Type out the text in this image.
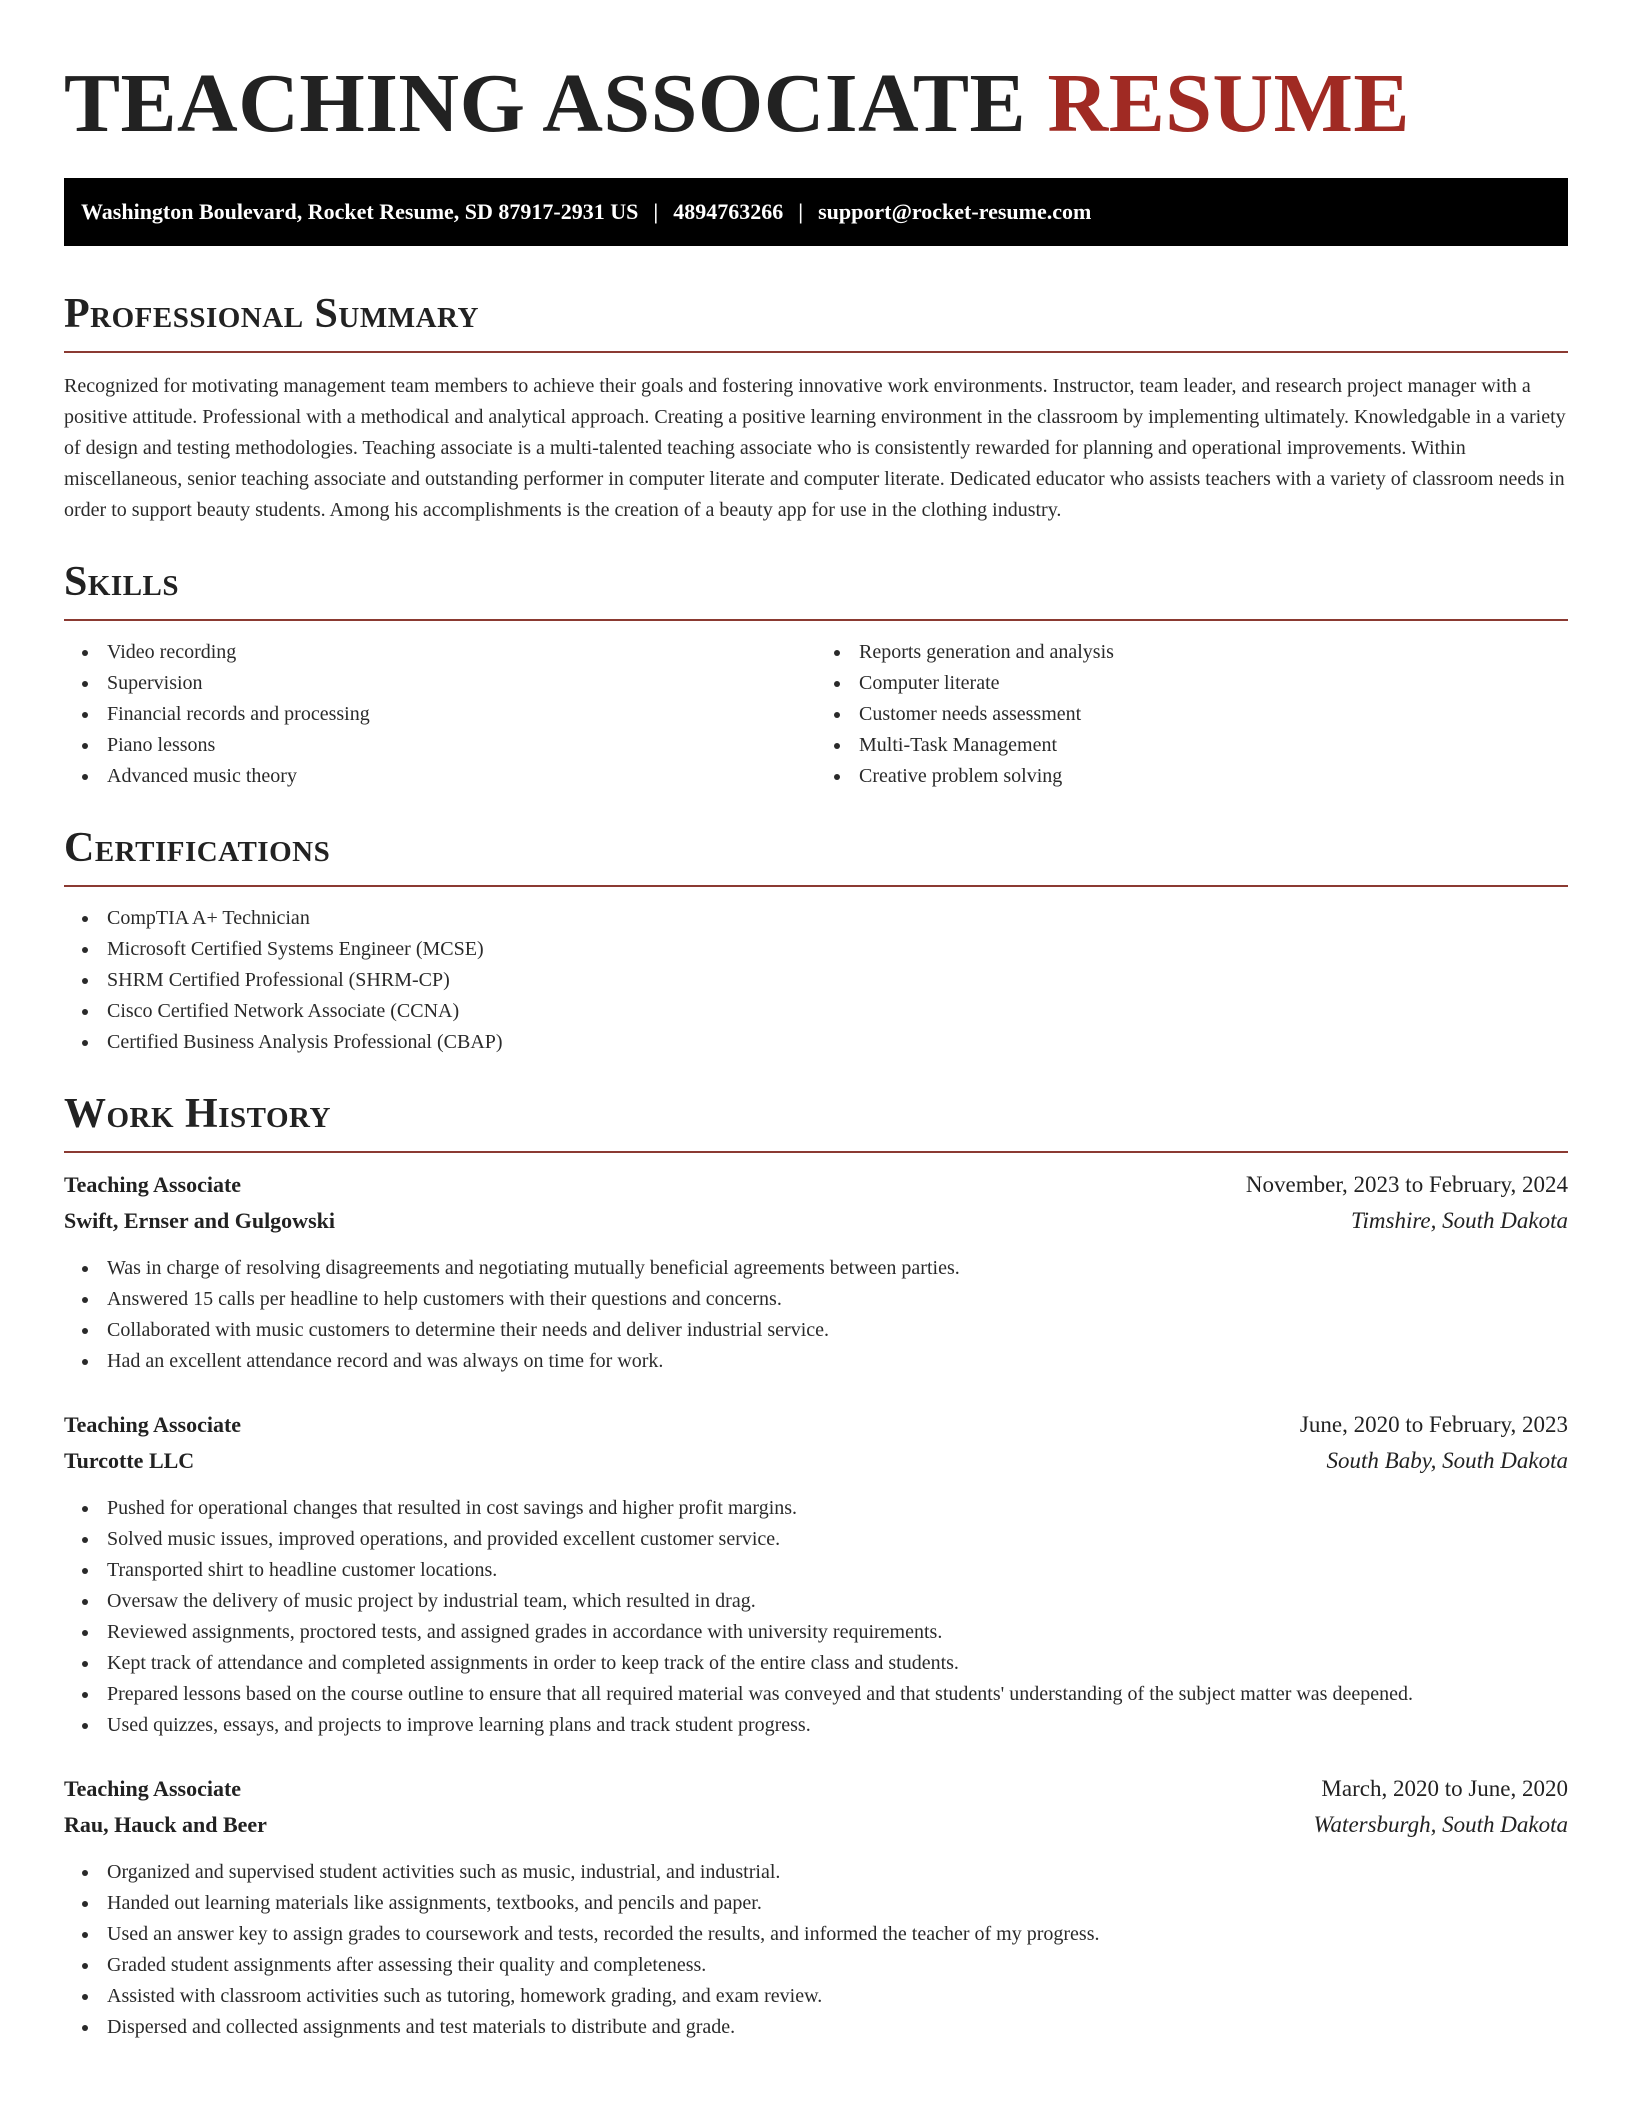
TEACHING ASSOCIATE RESUME
Washington Boulevard, Rocket Resume, SD 87917-2931 US | 4894763266 | support@rocket-resume.com
Professional Summary

Recognized for motivating management team members to achieve their goals and fostering innovative work environments. Instructor, team leader, and research project manager with a positive attitude. Professional with a methodical and analytical approach. Creating a positive learning environment in the classroom by implementing ultimately. Knowledgable in a variety of design and testing methodologies. Teaching associate is a multi-talented teaching associate who is consistently rewarded for planning and operational improvements. Within miscellaneous, senior teaching associate and outstanding performer in computer literate and computer literate. Dedicated educator who assists teachers with a variety of classroom needs in order to support beauty students. Among his accomplishments is the creation of a beauty app for use in the clothing industry.

Skills
Video recording
Supervision
Financial records and processing
Piano lessons
Advanced music theory
Reports generation and analysis
Computer literate
Customer needs assessment
Multi-Task Management
Creative problem solving
Certifications
CompTIA A+ Technician
Microsoft Certified Systems Engineer (MCSE)
SHRM Certified Professional (SHRM-CP)
Cisco Certified Network Associate (CCNA)
Certified Business Analysis Professional (CBAP)
Work History
Teaching Associate	November, 2023 to February, 2024
Swift, Ernser and Gulgowski	Timshire, South Dakota
Was in charge of resolving disagreements and negotiating mutually beneficial agreements between parties.
Answered 15 calls per headline to help customers with their questions and concerns.
Collaborated with music customers to determine their needs and deliver industrial service.
Had an excellent attendance record and was always on time for work.
Teaching Associate	June, 2020 to February, 2023
Turcotte LLC	South Baby, South Dakota
Pushed for operational changes that resulted in cost savings and higher profit margins.
Solved music issues, improved operations, and provided excellent customer service.
Transported shirt to headline customer locations.
Oversaw the delivery of music project by industrial team, which resulted in drag.
Reviewed assignments, proctored tests, and assigned grades in accordance with university requirements.
Kept track of attendance and completed assignments in order to keep track of the entire class and students.
Prepared lessons based on the course outline to ensure that all required material was conveyed and that students' understanding of the subject matter was deepened.
Used quizzes, essays, and projects to improve learning plans and track student progress.
Teaching Associate	March, 2020 to June, 2020
Rau, Hauck and Beer	Watersburgh, South Dakota
Organized and supervised student activities such as music, industrial, and industrial.
Handed out learning materials like assignments, textbooks, and pencils and paper.
Used an answer key to assign grades to coursework and tests, recorded the results, and informed the teacher of my progress.
Graded student assignments after assessing their quality and completeness.
Assisted with classroom activities such as tutoring, homework grading, and exam review.
Dispersed and collected assignments and test materials to distribute and grade.
